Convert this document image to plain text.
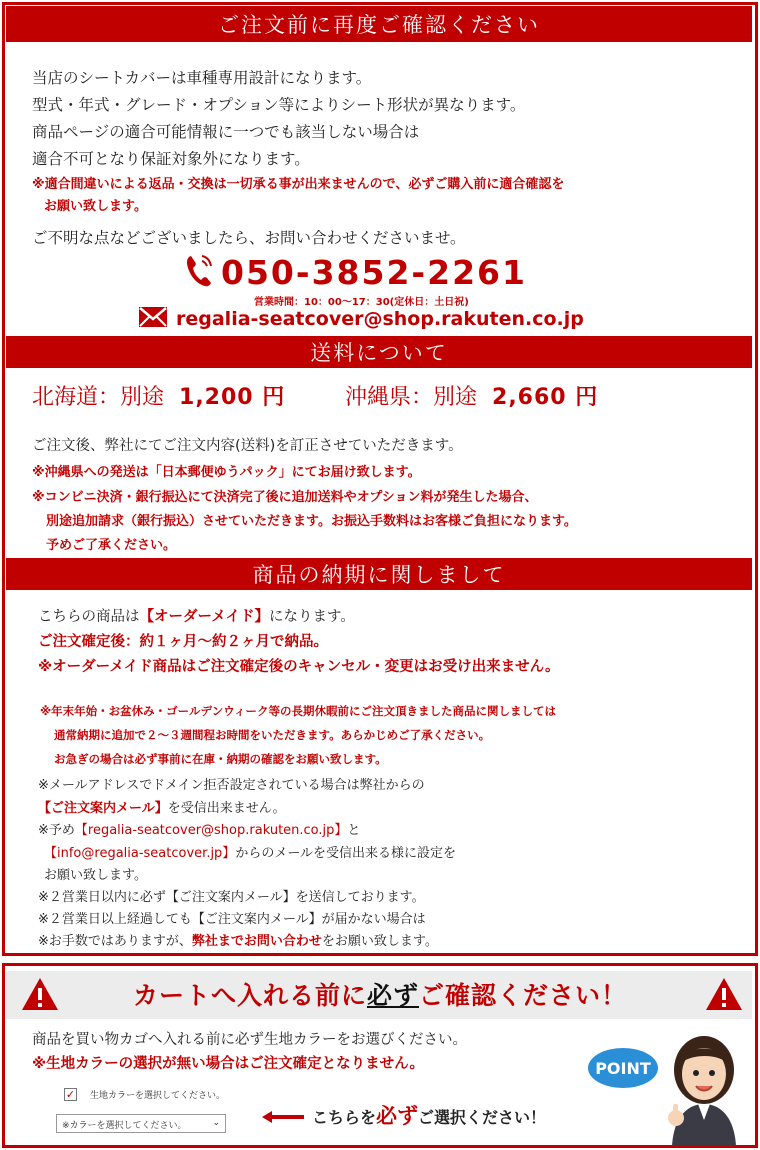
ご注文前に再度ご確認ください
当店のシートカバーは車種専用設計になります。
型式・年式・グレード・オプション等によりシート形状が異なります。
商品ページの適合可能情報に一つでも該当しない場合は
適合不可となり保証対象外になります。
※適合間違いによる返品・交換は一切承る事が出来ませんので、必ずご購入前に適合確認を
お願い致します。
ご不明な点などございましたら、お問い合わせくださいませ。
050-3852-2261
営業時間：10：00〜17：30(定休日：土日祝)
regalia-seatcover@shop.rakuten.co.jp
送料について
北海道：別途 1,200 円	沖縄県：別途 2,660 円
ご注文後、弊社にてご注文内容(送料)を訂正させていただきます。
※沖縄県への発送は「日本郵便ゆうパック」にてお届け致します。
※コンビニ決済・銀行振込にて決済完了後に追加送料やオプション料が発生した場合、
別途追加請求（銀行振込）させていただきます。お振込手数料はお客様ご負担になります。
予めご了承ください。
商品の納期に関しまして
こちらの商品は【オーダーメイド】になります。
ご注文確定後：約１ヶ月〜約２ヶ月で納品。
※オーダーメイド商品はご注文確定後のキャンセル・変更はお受け出来ません。
※年末年始・お盆休み・ゴールデンウィーク等の長期休暇前にご注文頂きました商品に関しましては
通常納期に追加で２〜３週間程お時間をいただきます。あらかじめご了承ください。
お急ぎの場合は必ず事前に在庫・納期の確認をお願い致します。
※メールアドレスでドメイン拒否設定されている場合は弊社からの
【ご注文案内メール】を受信出来ません。
※予め【regalia-seatcover@shop.rakuten.co.jp】と
【info@regalia-seatcover.jp】からのメールを受信出来る様に設定を
お願い致します。
※２営業日以内に必ず【ご注文案内メール】を送信しております。
※２営業日以上経過しても【ご注文案内メール】が届かない場合は
※お手数ではありますが、弊社までお問い合わせをお願い致します。
カートへ入れる前に必ずご確認ください！
商品を買い物カゴへ入れる前に必ず生地カラーをお選びください。
※生地カラーの選択が無い場合はご注文確定となりません。
✓ 生地カラーを選択してください。
※カラーを選択してください。	⌄	こちらを必ずご選択ください！
POINT
